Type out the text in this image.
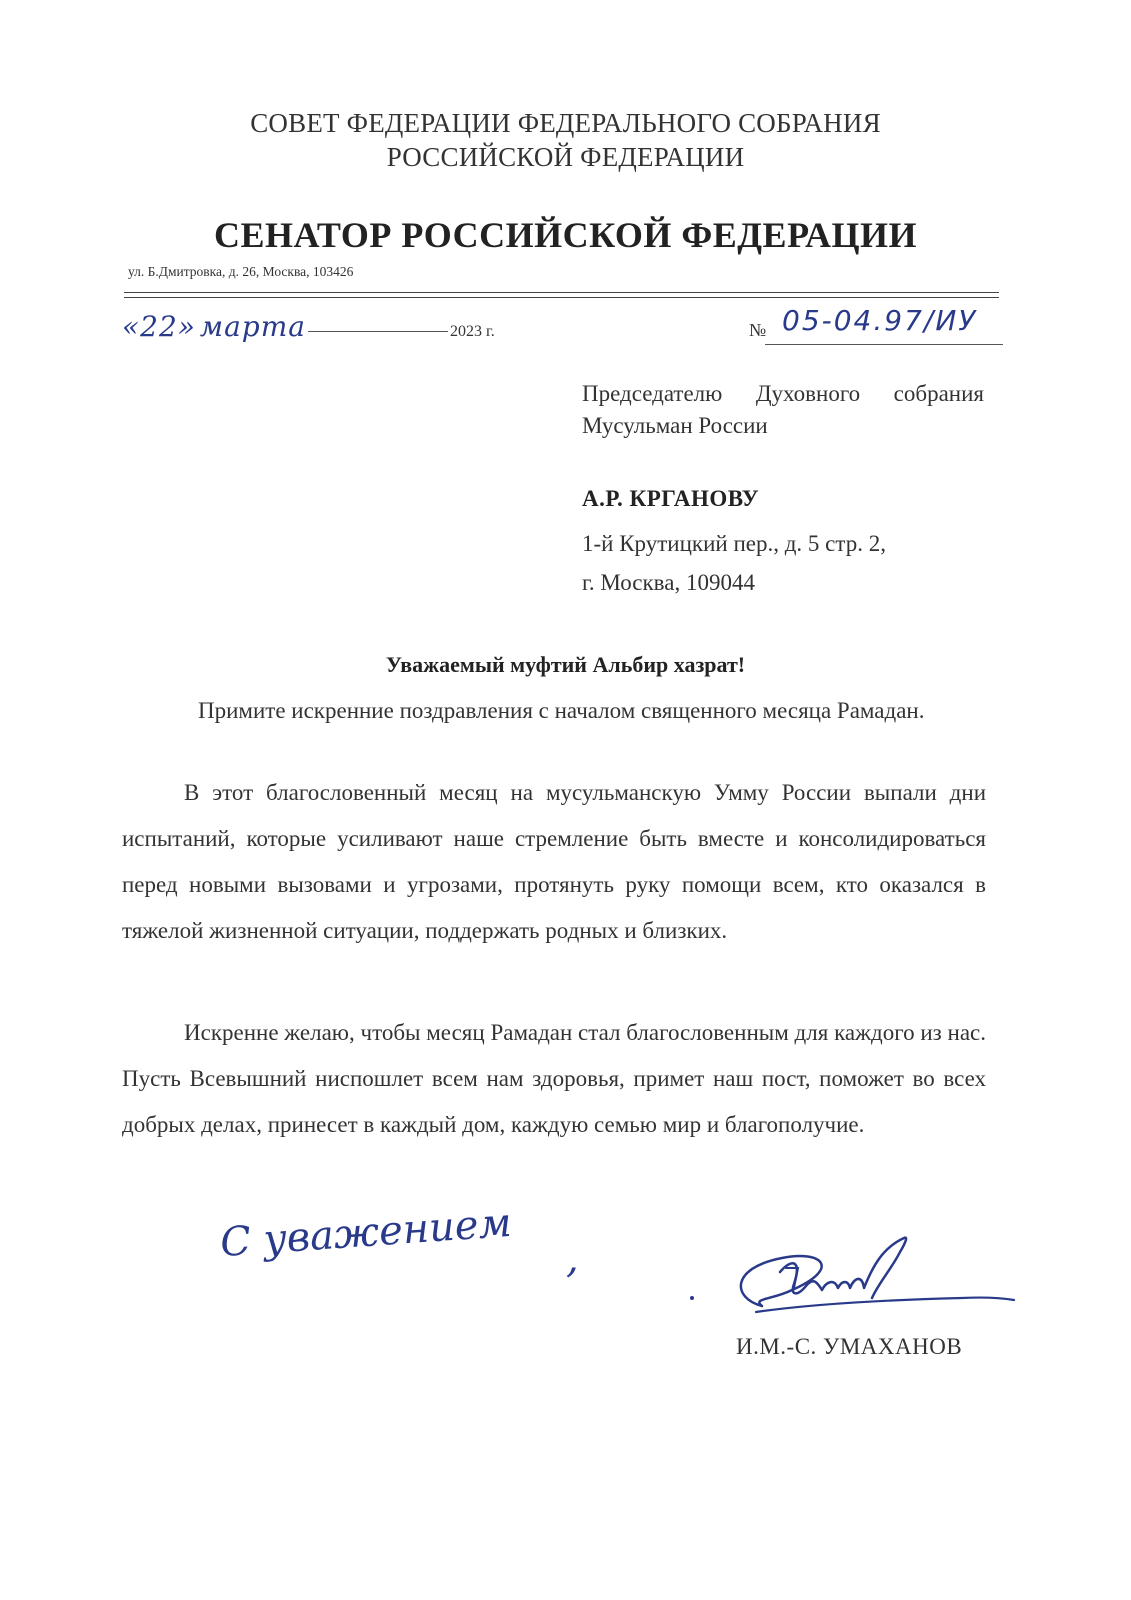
СОВЕТ ФЕДЕРАЦИИ ФЕДЕРАЛЬНОГО СОБРАНИЯ
РОССИЙСКОЙ ФЕДЕРАЦИИ
СЕНАТОР РОССИЙСКОЙ ФЕДЕРАЦИИ
ул. Б.Дмитровка, д. 26, Москва, 103426
«22» марта	2023 г.	№ 05-04.97/ИУ
Председателю Духовного собрания Мусульман России
А.Р. КРГАНОВУ
1-й Крутицкий пер., д. 5 стр. 2,
г. Москва, 109044
Уважаемый муфтий Альбир хазрат!
Примите искренние поздравления с началом священного месяца Рамадан.
В этот благословенный месяц на мусульманскую Умму России выпали дни испытаний, которые усиливают наше стремление быть вместе и консолидироваться перед новыми вызовами и угрозами, протянуть руку помощи всем, кто оказался в тяжелой жизненной ситуации, поддержать родных и близких.
Искренне желаю, чтобы месяц Рамадан стал благословенным для каждого из нас. Пусть Всевышний ниспошлет всем нам здоровья, примет наш пост, поможет во всех добрых делах, принесет в каждый дом, каждую семью мир и благополучие.
С уважением ,
И.М.-С. УМАХАНОВ
